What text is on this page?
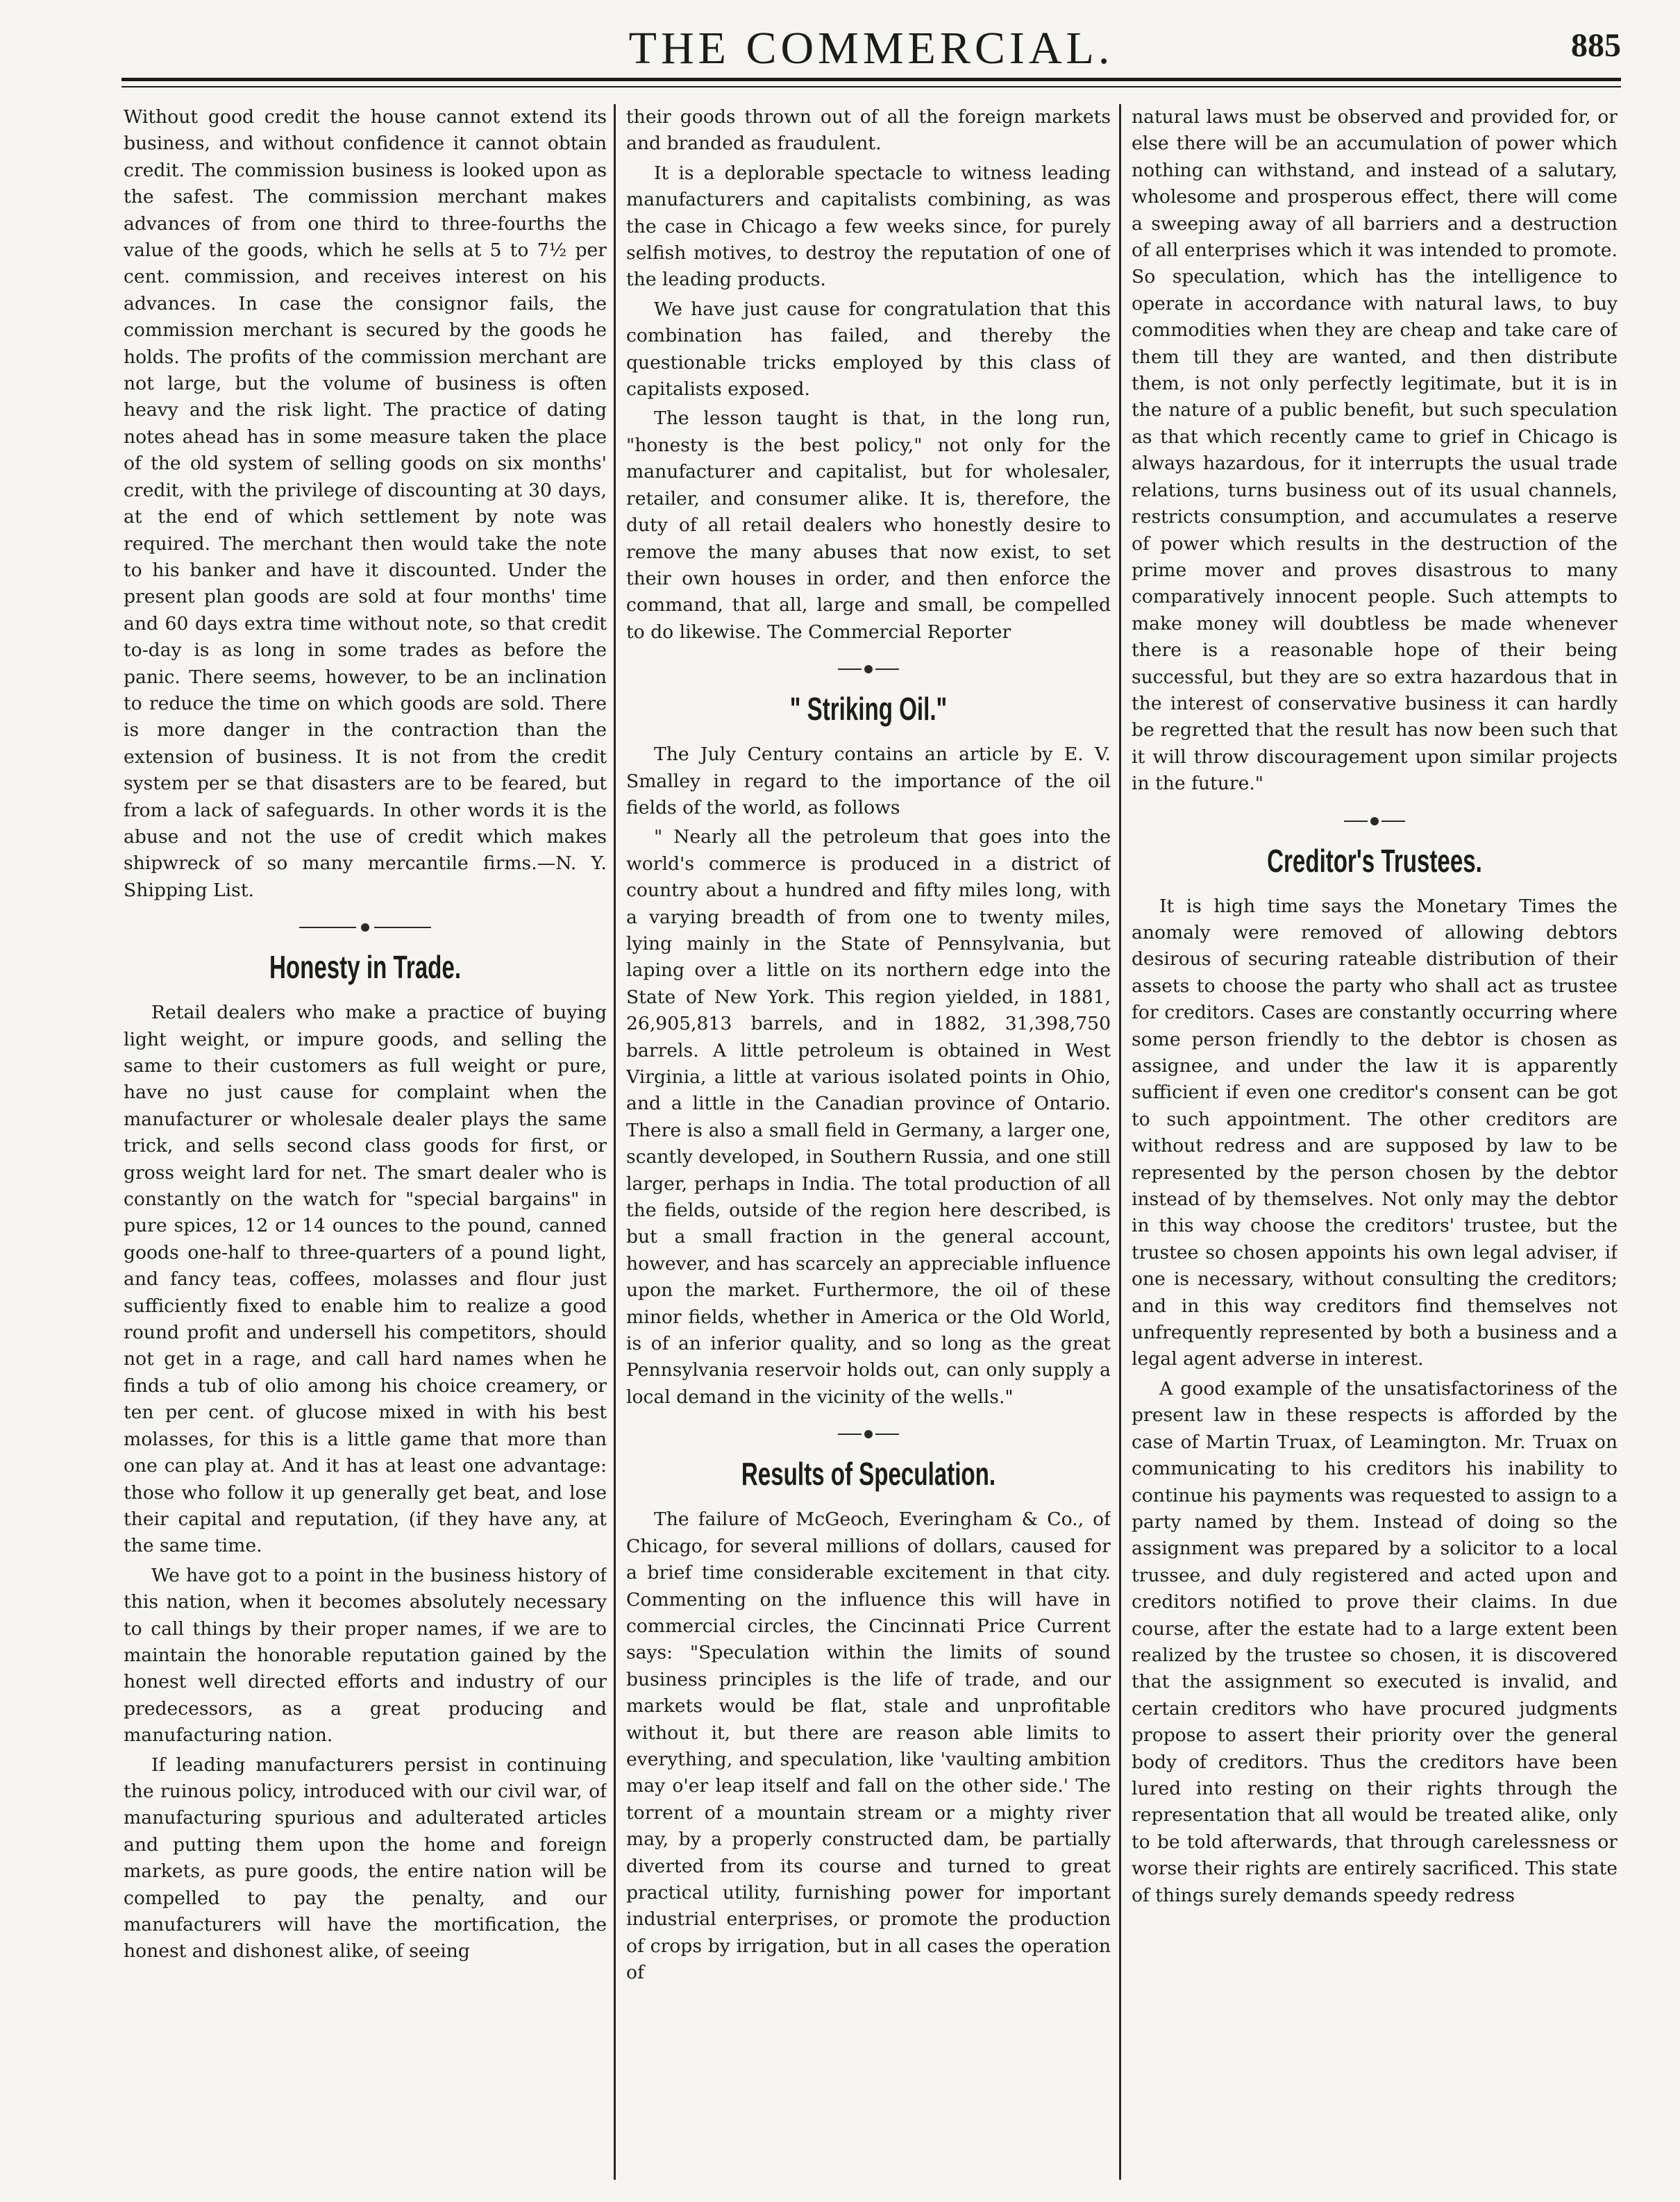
THE COMMERCIAL.	885

Without good credit the house cannot extend its business, and without confidence it cannot obtain credit. The commission business is looked upon as the safest. The commission merchant makes advances of from one third to three-fourths the value of the goods, which he sells at 5 to 7½ per cent. commission, and receives interest on his advances. In case the consignor fails, the commission merchant is secured by the goods he holds. The profits of the commission merchant are not large, but the volume of business is often heavy and the risk light. The practice of dating notes ahead has in some measure taken the place of the old system of selling goods on six months' credit, with the privilege of discounting at 30 days, at the end of which settlement by note was required. The merchant then would take the note to his banker and have it discounted. Under the present plan goods are sold at four months' time and 60 days extra time without note, so that credit to-day is as long in some trades as before the panic. There seems, however, to be an inclination to reduce the time on which goods are sold. There is more danger in the contraction than the extension of business. It is not from the credit system per se that disasters are to be feared, but from a lack of safeguards. In other words it is the abuse and not the use of credit which makes shipwreck of so many mercantile firms.—N. Y. Shipping List.

Honesty in Trade.

Retail dealers who make a practice of buying light weight, or impure goods, and selling the same to their customers as full weight or pure, have no just cause for complaint when the manufacturer or wholesale dealer plays the same trick, and sells second class goods for first, or gross weight lard for net. The smart dealer who is constantly on the watch for "special bargains" in pure spices, 12 or 14 ounces to the pound, canned goods one-half to three-quarters of a pound light, and fancy teas, coffees, molasses and flour just sufficiently fixed to enable him to realize a good round profit and undersell his competitors, should not get in a rage, and call hard names when he finds a tub of olio among his choice creamery, or ten per cent. of glucose mixed in with his best molasses, for this is a little game that more than one can play at. And it has at least one advantage: those who follow it up generally get beat, and lose their capital and reputation, (if they have any, at the same time.

We have got to a point in the business history of this nation, when it becomes absolutely necessary to call things by their proper names, if we are to maintain the honorable reputation gained by the honest well directed efforts and industry of our predecessors, as a great producing and manufacturing nation.

If leading manufacturers persist in continuing the ruinous policy, introduced with our civil war, of manufacturing spurious and adulterated articles and putting them upon the home and foreign markets, as pure goods, the entire nation will be compelled to pay the penalty, and our manufacturers will have the mortification, the honest and dishonest alike, of seeing

their goods thrown out of all the foreign markets and branded as fraudulent.

It is a deplorable spectacle to witness leading manufacturers and capitalists combining, as was the case in Chicago a few weeks since, for purely selfish motives, to destroy the reputation of one of the leading products.

We have just cause for congratulation that this combination has failed, and thereby the questionable tricks employed by this class of capitalists exposed.

The lesson taught is that, in the long run, "honesty is the best policy," not only for the manufacturer and capitalist, but for wholesaler, retailer, and consumer alike. It is, therefore, the duty of all retail dealers who honestly desire to remove the many abuses that now exist, to set their own houses in order, and then enforce the command, that all, large and small, be compelled to do likewise. The Commercial Reporter

" Striking Oil."

The July Century contains an article by E. V. Smalley in regard to the importance of the oil fields of the world, as follows

" Nearly all the petroleum that goes into the world's commerce is produced in a district of country about a hundred and fifty miles long, with a varying breadth of from one to twenty miles, lying mainly in the State of Pennsylvania, but laping over a little on its northern edge into the State of New York. This region yielded, in 1881, 26,905,813 barrels, and in 1882, 31,398,750 barrels. A little petroleum is obtained in West Virginia, a little at various isolated points in Ohio, and a little in the Canadian province of Ontario. There is also a small field in Germany, a larger one, scantly developed, in Southern Russia, and one still larger, perhaps in India. The total production of all the fields, outside of the region here described, is but a small fraction in the general account, however, and has scarcely an appreciable influence upon the market. Furthermore, the oil of these minor fields, whether in America or the Old World, is of an inferior quality, and so long as the great Pennsylvania reservoir holds out, can only supply a local demand in the vicinity of the wells."

Results of Speculation.

The failure of McGeoch, Everingham & Co., of Chicago, for several millions of dollars, caused for a brief time considerable excitement in that city. Commenting on the influence this will have in commercial circles, the Cincinnati Price Current says: "Speculation within the limits of sound business principles is the life of trade, and our markets would be flat, stale and unprofitable without it, but there are reason able limits to everything, and speculation, like 'vaulting ambition may o'er leap itself and fall on the other side.' The torrent of a mountain stream or a mighty river may, by a properly constructed dam, be partially diverted from its course and turned to great practical utility, furnishing power for important industrial enterprises, or promote the production of crops by irrigation, but in all cases the operation of

natural laws must be observed and provided for, or else there will be an accumulation of power which nothing can withstand, and instead of a salutary, wholesome and prosperous effect, there will come a sweeping away of all barriers and a destruction of all enterprises which it was intended to promote. So speculation, which has the intelligence to operate in accordance with natural laws, to buy commodities when they are cheap and take care of them till they are wanted, and then distribute them, is not only perfectly legitimate, but it is in the nature of a public benefit, but such speculation as that which recently came to grief in Chicago is always hazardous, for it interrupts the usual trade relations, turns business out of its usual channels, restricts consumption, and accumulates a reserve of power which results in the destruction of the prime mover and proves disastrous to many comparatively innocent people. Such attempts to make money will doubtless be made whenever there is a reasonable hope of their being successful, but they are so extra hazardous that in the interest of conservative business it can hardly be regretted that the result has now been such that it will throw discouragement upon similar projects in the future."

Creditor's Trustees.

It is high time says the Monetary Times the anomaly were removed of allowing debtors desirous of securing rateable distribution of their assets to choose the party who shall act as trustee for creditors. Cases are constantly occurring where some person friendly to the debtor is chosen as assignee, and under the law it is apparently sufficient if even one creditor's consent can be got to such appointment. The other creditors are without redress and are supposed by law to be represented by the person chosen by the debtor instead of by themselves. Not only may the debtor in this way choose the creditors' trustee, but the trustee so chosen appoints his own legal adviser, if one is necessary, without consulting the creditors; and in this way creditors find themselves not unfrequently represented by both a business and a legal agent adverse in interest.

A good example of the unsatisfactoriness of the present law in these respects is afforded by the case of Martin Truax, of Leamington. Mr. Truax on communicating to his creditors his inability to continue his payments was requested to assign to a party named by them. Instead of doing so the assignment was prepared by a solicitor to a local trussee, and duly registered and acted upon and creditors notified to prove their claims. In due course, after the estate had to a large extent been realized by the trustee so chosen, it is discovered that the assignment so executed is invalid, and certain creditors who have procured judgments propose to assert their priority over the general body of creditors. Thus the creditors have been lured into resting on their rights through the representation that all would be treated alike, only to be told afterwards, that through carelessness or worse their rights are entirely sacrificed. This state of things surely demands speedy redress
